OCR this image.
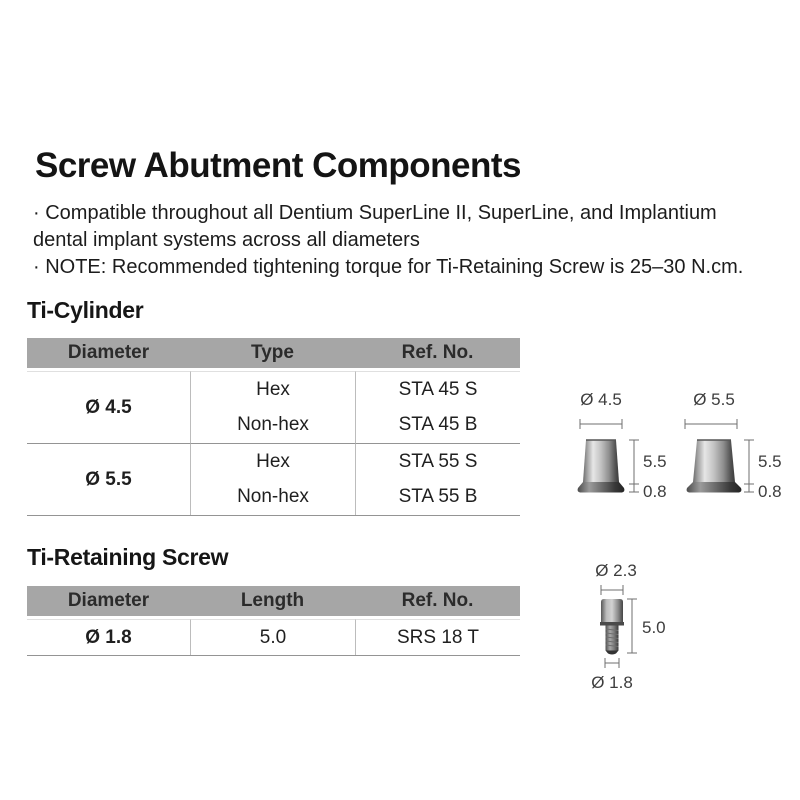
Screw Abutment Components
· Compatible throughout all Dentium SuperLine II, SuperLine, and Implantium
dental implant systems across all diameters
· NOTE: Recommended tightening torque for Ti-Retaining Screw is 25–30 N.cm.
Ti-Cylinder
Diameter	Type	Ref. No.
Ø 4.5	Hex	STA 45 S
	Non-hex	STA 45 B
Ø 5.5	Hex	STA 55 S
	Non-hex	STA 55 B
Ø 4.5
5.5
0.8
Ø 5.5
5.5
0.8
Ti-Retaining Screw
Diameter	Length	Ref. No.
Ø 1.8	5.0	SRS 18 T
Ø 2.3
5.0
Ø 1.8
